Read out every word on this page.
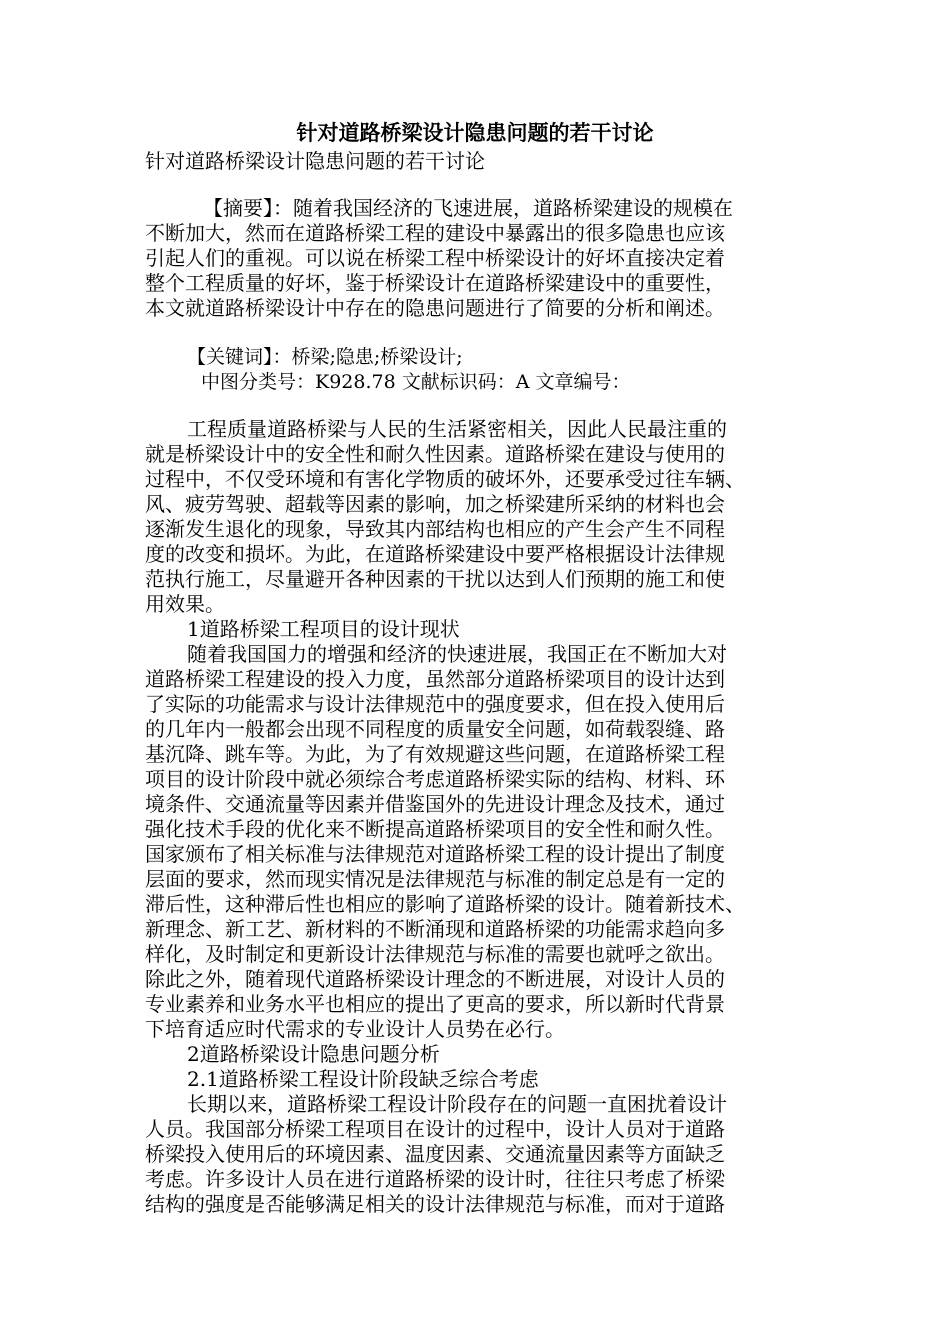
针对道路桥梁设计隐患问题的若干讨论

针对道路桥梁设计隐患问题的若干讨论

【摘要】：随着我国经济的飞速进展，道路桥梁建设的规模在
不断加大，然而在道路桥梁工程的建设中暴露出的很多隐患也应该
引起人们的重视。可以说在桥梁工程中桥梁设计的好坏直接决定着
整个工程质量的好坏，鉴于桥梁设计在道路桥梁建设中的重要性，
本文就道路桥梁设计中存在的隐患问题进行了简要的分析和阐述。

【关键词】：桥梁;隐患;桥梁设计;

中图分类号：K928.78 文献标识码：A 文章编号：

工程质量道路桥梁与人民的生活紧密相关，因此人民最注重的
就是桥梁设计中的安全性和耐久性因素。道路桥梁在建设与使用的
过程中，不仅受环境和有害化学物质的破坏外，还要承受过往车辆、
风、疲劳驾驶、超载等因素的影响，加之桥梁建所采纳的材料也会
逐渐发生退化的现象，导致其内部结构也相应的产生会产生不同程
度的改变和损坏。为此，在道路桥梁建设中要严格根据设计法律规
范执行施工，尽量避开各种因素的干扰以达到人们预期的施工和使
用效果。

1道路桥梁工程项目的设计现状

随着我国国力的增强和经济的快速进展，我国正在不断加大对
道路桥梁工程建设的投入力度，虽然部分道路桥梁项目的设计达到
了实际的功能需求与设计法律规范中的强度要求，但在投入使用后
的几年内一般都会出现不同程度的质量安全问题，如荷载裂缝、路
基沉降、跳车等。为此，为了有效规避这些问题，在道路桥梁工程
项目的设计阶段中就必须综合考虑道路桥梁实际的结构、材料、环
境条件、交通流量等因素并借鉴国外的先进设计理念及技术，通过
强化技术手段的优化来不断提高道路桥梁项目的安全性和耐久性。
国家颁布了相关标准与法律规范对道路桥梁工程的设计提出了制度
层面的要求，然而现实情况是法律规范与标准的制定总是有一定的
滞后性，这种滞后性也相应的影响了道路桥梁的设计。随着新技术、
新理念、新工艺、新材料的不断涌现和道路桥梁的功能需求趋向多
样化，及时制定和更新设计法律规范与标准的需要也就呼之欲出。
除此之外，随着现代道路桥梁设计理念的不断进展，对设计人员的
专业素养和业务水平也相应的提出了更高的要求，所以新时代背景
下培育适应时代需求的专业设计人员势在必行。

2道路桥梁设计隐患问题分析

2.1道路桥梁工程设计阶段缺乏综合考虑

长期以来，道路桥梁工程设计阶段存在的问题一直困扰着设计
人员。我国部分桥梁工程项目在设计的过程中，设计人员对于道路
桥梁投入使用后的环境因素、温度因素、交通流量因素等方面缺乏
考虑。许多设计人员在进行道路桥梁的设计时，往往只考虑了桥梁
结构的强度是否能够满足相关的设计法律规范与标准，而对于道路
